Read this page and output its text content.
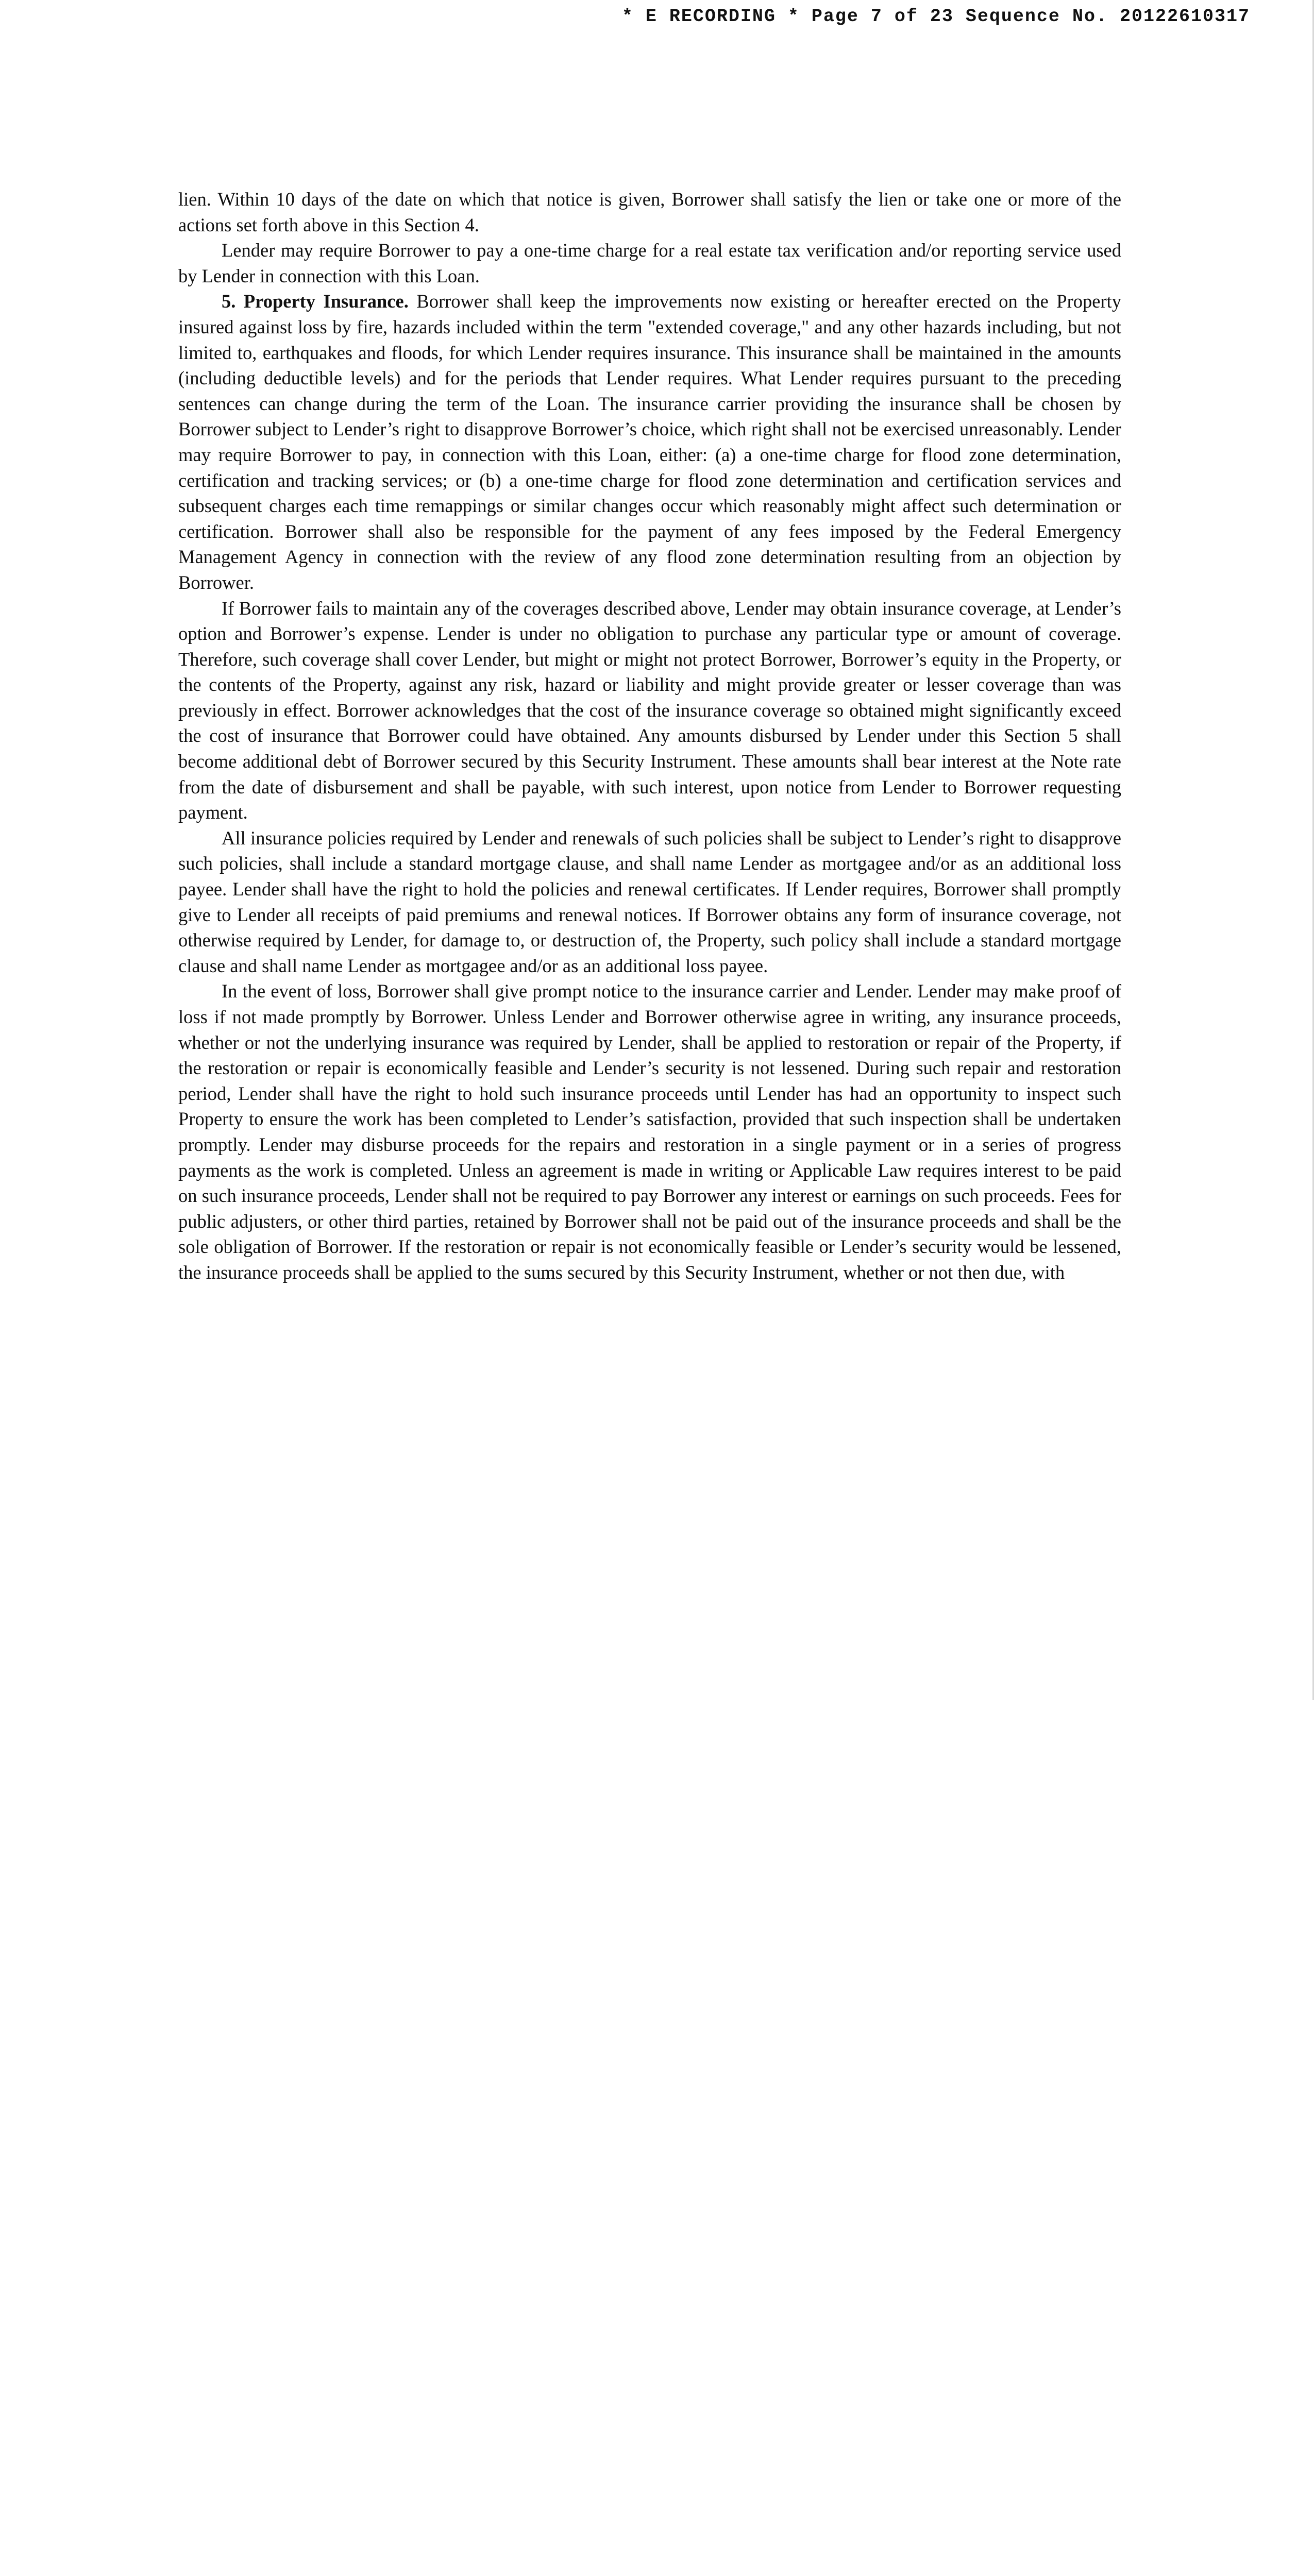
* E RECORDING * Page 7 of 23 Sequence No. 20122610317

lien. Within 10 days of the date on which that notice is given, Borrower shall satisfy the lien or take one or more of the actions set forth above in this Section 4.

Lender may require Borrower to pay a one-time charge for a real estate tax verification and/or reporting service used by Lender in connection with this Loan.

5. Property Insurance. Borrower shall keep the improvements now existing or hereafter erected on the Property insured against loss by fire, hazards included within the term "extended coverage," and any other hazards including, but not limited to, earthquakes and floods, for which Lender requires insurance. This insurance shall be maintained in the amounts (including deductible levels) and for the periods that Lender requires. What Lender requires pursuant to the preceding sentences can change during the term of the Loan. The insurance carrier providing the insurance shall be chosen by Borrower subject to Lender’s right to disapprove Borrower’s choice, which right shall not be exercised unreasonably. Lender may require Borrower to pay, in connection with this Loan, either: (a) a one-time charge for flood zone determination, certification and tracking services; or (b) a one-time charge for flood zone determination and certification services and subsequent charges each time remappings or similar changes occur which reasonably might affect such determination or certification. Borrower shall also be responsible for the payment of any fees imposed by the Federal Emergency Management Agency in connection with the review of any flood zone determination resulting from an objection by Borrower.

If Borrower fails to maintain any of the coverages described above, Lender may obtain insurance coverage, at Lender’s option and Borrower’s expense. Lender is under no obligation to purchase any particular type or amount of coverage. Therefore, such coverage shall cover Lender, but might or might not protect Borrower, Borrower’s equity in the Property, or the contents of the Property, against any risk, hazard or liability and might provide greater or lesser coverage than was previously in effect. Borrower acknowledges that the cost of the insurance coverage so obtained might significantly exceed the cost of insurance that Borrower could have obtained. Any amounts disbursed by Lender under this Section 5 shall become additional debt of Borrower secured by this Security Instrument. These amounts shall bear interest at the Note rate from the date of disbursement and shall be payable, with such interest, upon notice from Lender to Borrower requesting payment.

All insurance policies required by Lender and renewals of such policies shall be subject to Lender’s right to disapprove such policies, shall include a standard mortgage clause, and shall name Lender as mortgagee and/or as an additional loss payee. Lender shall have the right to hold the policies and renewal certificates. If Lender requires, Borrower shall promptly give to Lender all receipts of paid premiums and renewal notices. If Borrower obtains any form of insurance coverage, not otherwise required by Lender, for damage to, or destruction of, the Property, such policy shall include a standard mortgage clause and shall name Lender as mortgagee and/or as an additional loss payee.

In the event of loss, Borrower shall give prompt notice to the insurance carrier and Lender. Lender may make proof of loss if not made promptly by Borrower. Unless Lender and Borrower otherwise agree in writing, any insurance proceeds, whether or not the underlying insurance was required by Lender, shall be applied to restoration or repair of the Property, if the restoration or repair is economically feasible and Lender’s security is not lessened. During such repair and restoration period, Lender shall have the right to hold such insurance proceeds until Lender has had an opportunity to inspect such Property to ensure the work has been completed to Lender’s satisfaction, provided that such inspection shall be undertaken promptly. Lender may disburse proceeds for the repairs and restoration in a single payment or in a series of progress payments as the work is completed. Unless an agreement is made in writing or Applicable Law requires interest to be paid on such insurance proceeds, Lender shall not be required to pay Borrower any interest or earnings on such proceeds. Fees for public adjusters, or other third parties, retained by Borrower shall not be paid out of the insurance proceeds and shall be the sole obligation of Borrower. If the restoration or repair is not economically feasible or Lender’s security would be lessened, the insurance proceeds shall be applied to the sums secured by this Security Instrument, whether or not then due, with
